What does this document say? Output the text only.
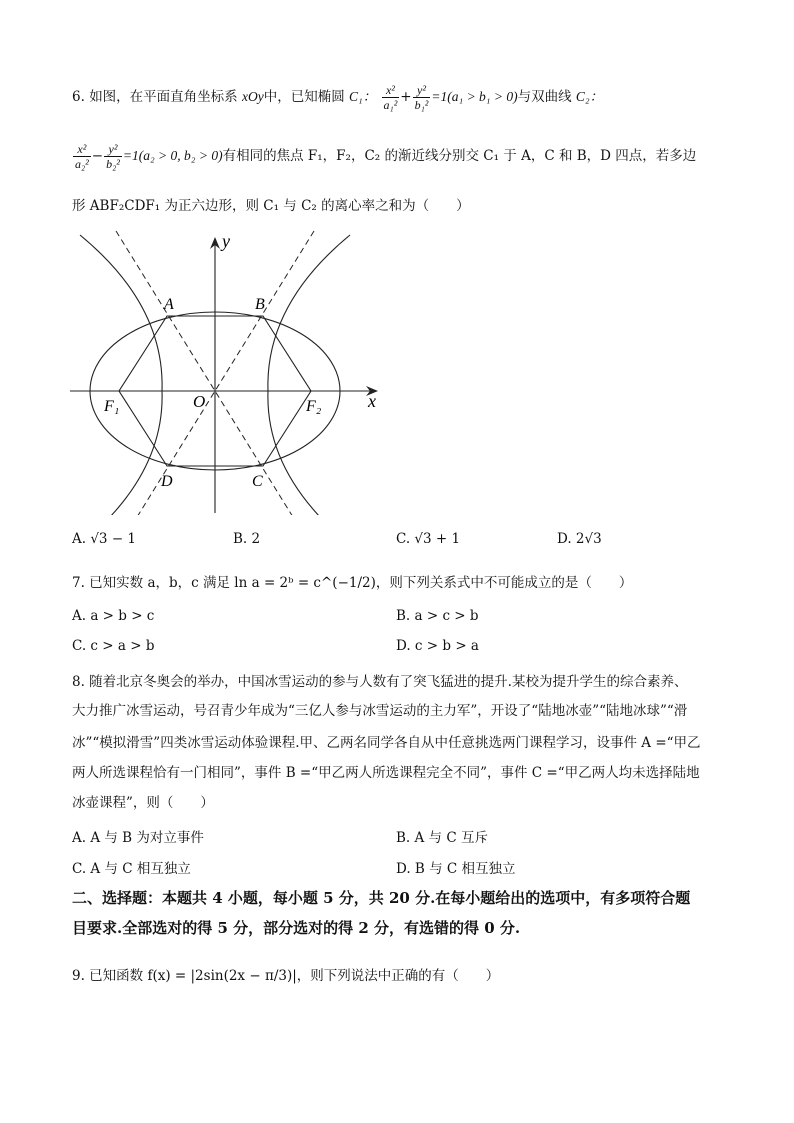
6. 如图，在平面直角坐标系 xOy中，已知椭圆 C₁： $\frac{\text{x²}}{\text{a₁²}} + \frac{\text{y²}}{\text{b₁²}} =1(a_1 > b_1 > 0)$与双曲线 C₂：
$\frac{\text{x²}}{\text{a₂²}} - \frac{\text{y²}}{\text{b₂²}} =1(a_2 > 0$, b₂ > 0)有相同的焦点 F₁，F₂，C₂ 的渐近线分别交 C₁ 于 A，C 和 B，D 四点，若多边
形 ABF₂CDF₁ 为正六边形，则 C₁ 与 C₂ 的离心率之和为（　　）
y
x
O
A	B
C
D
F₁	F₂
A. √3 − 1	B. 2	C. √3 + 1	D. 2√3
7. 已知实数 a，b，c 满足 ln a = 2ᵇ = c^(−1/2)，则下列关系式中不可能成立的是（　　）
A. a > b > c	B. a > c > b
C. c > a > b	D. c > b > a
8. 随着北京冬奥会的举办，中国冰雪运动的参与人数有了突飞猛进的提升.某校为提升学生的综合素养、
大力推广冰雪运动，号召青少年成为“三亿人参与冰雪运动的主力军”，开设了“陆地冰壶”“陆地冰球”“滑
冰”“模拟滑雪”四类冰雪运动体验课程.甲、乙两名同学各自从中任意挑选两门课程学习，设事件 A =“甲乙
两人所选课程恰有一门相同”，事件 B =“甲乙两人所选课程完全不同”，事件 C =“甲乙两人均未选择陆地
冰壶课程”，则（　　）
A. A 与 B 为对立事件	B. A 与 C 互斥
C. A 与 C 相互独立	D. B 与 C 相互独立
二、选择题：本题共 4 小题，每小题 5 分，共 20 分.在每小题给出的选项中，有多项符合题
目要求.全部选对的得 5 分，部分选对的得 2 分，有选错的得 0 分.
9. 已知函数 f(x) = |2sin(2x − π/3)|，则下列说法中正确的有（　　）
